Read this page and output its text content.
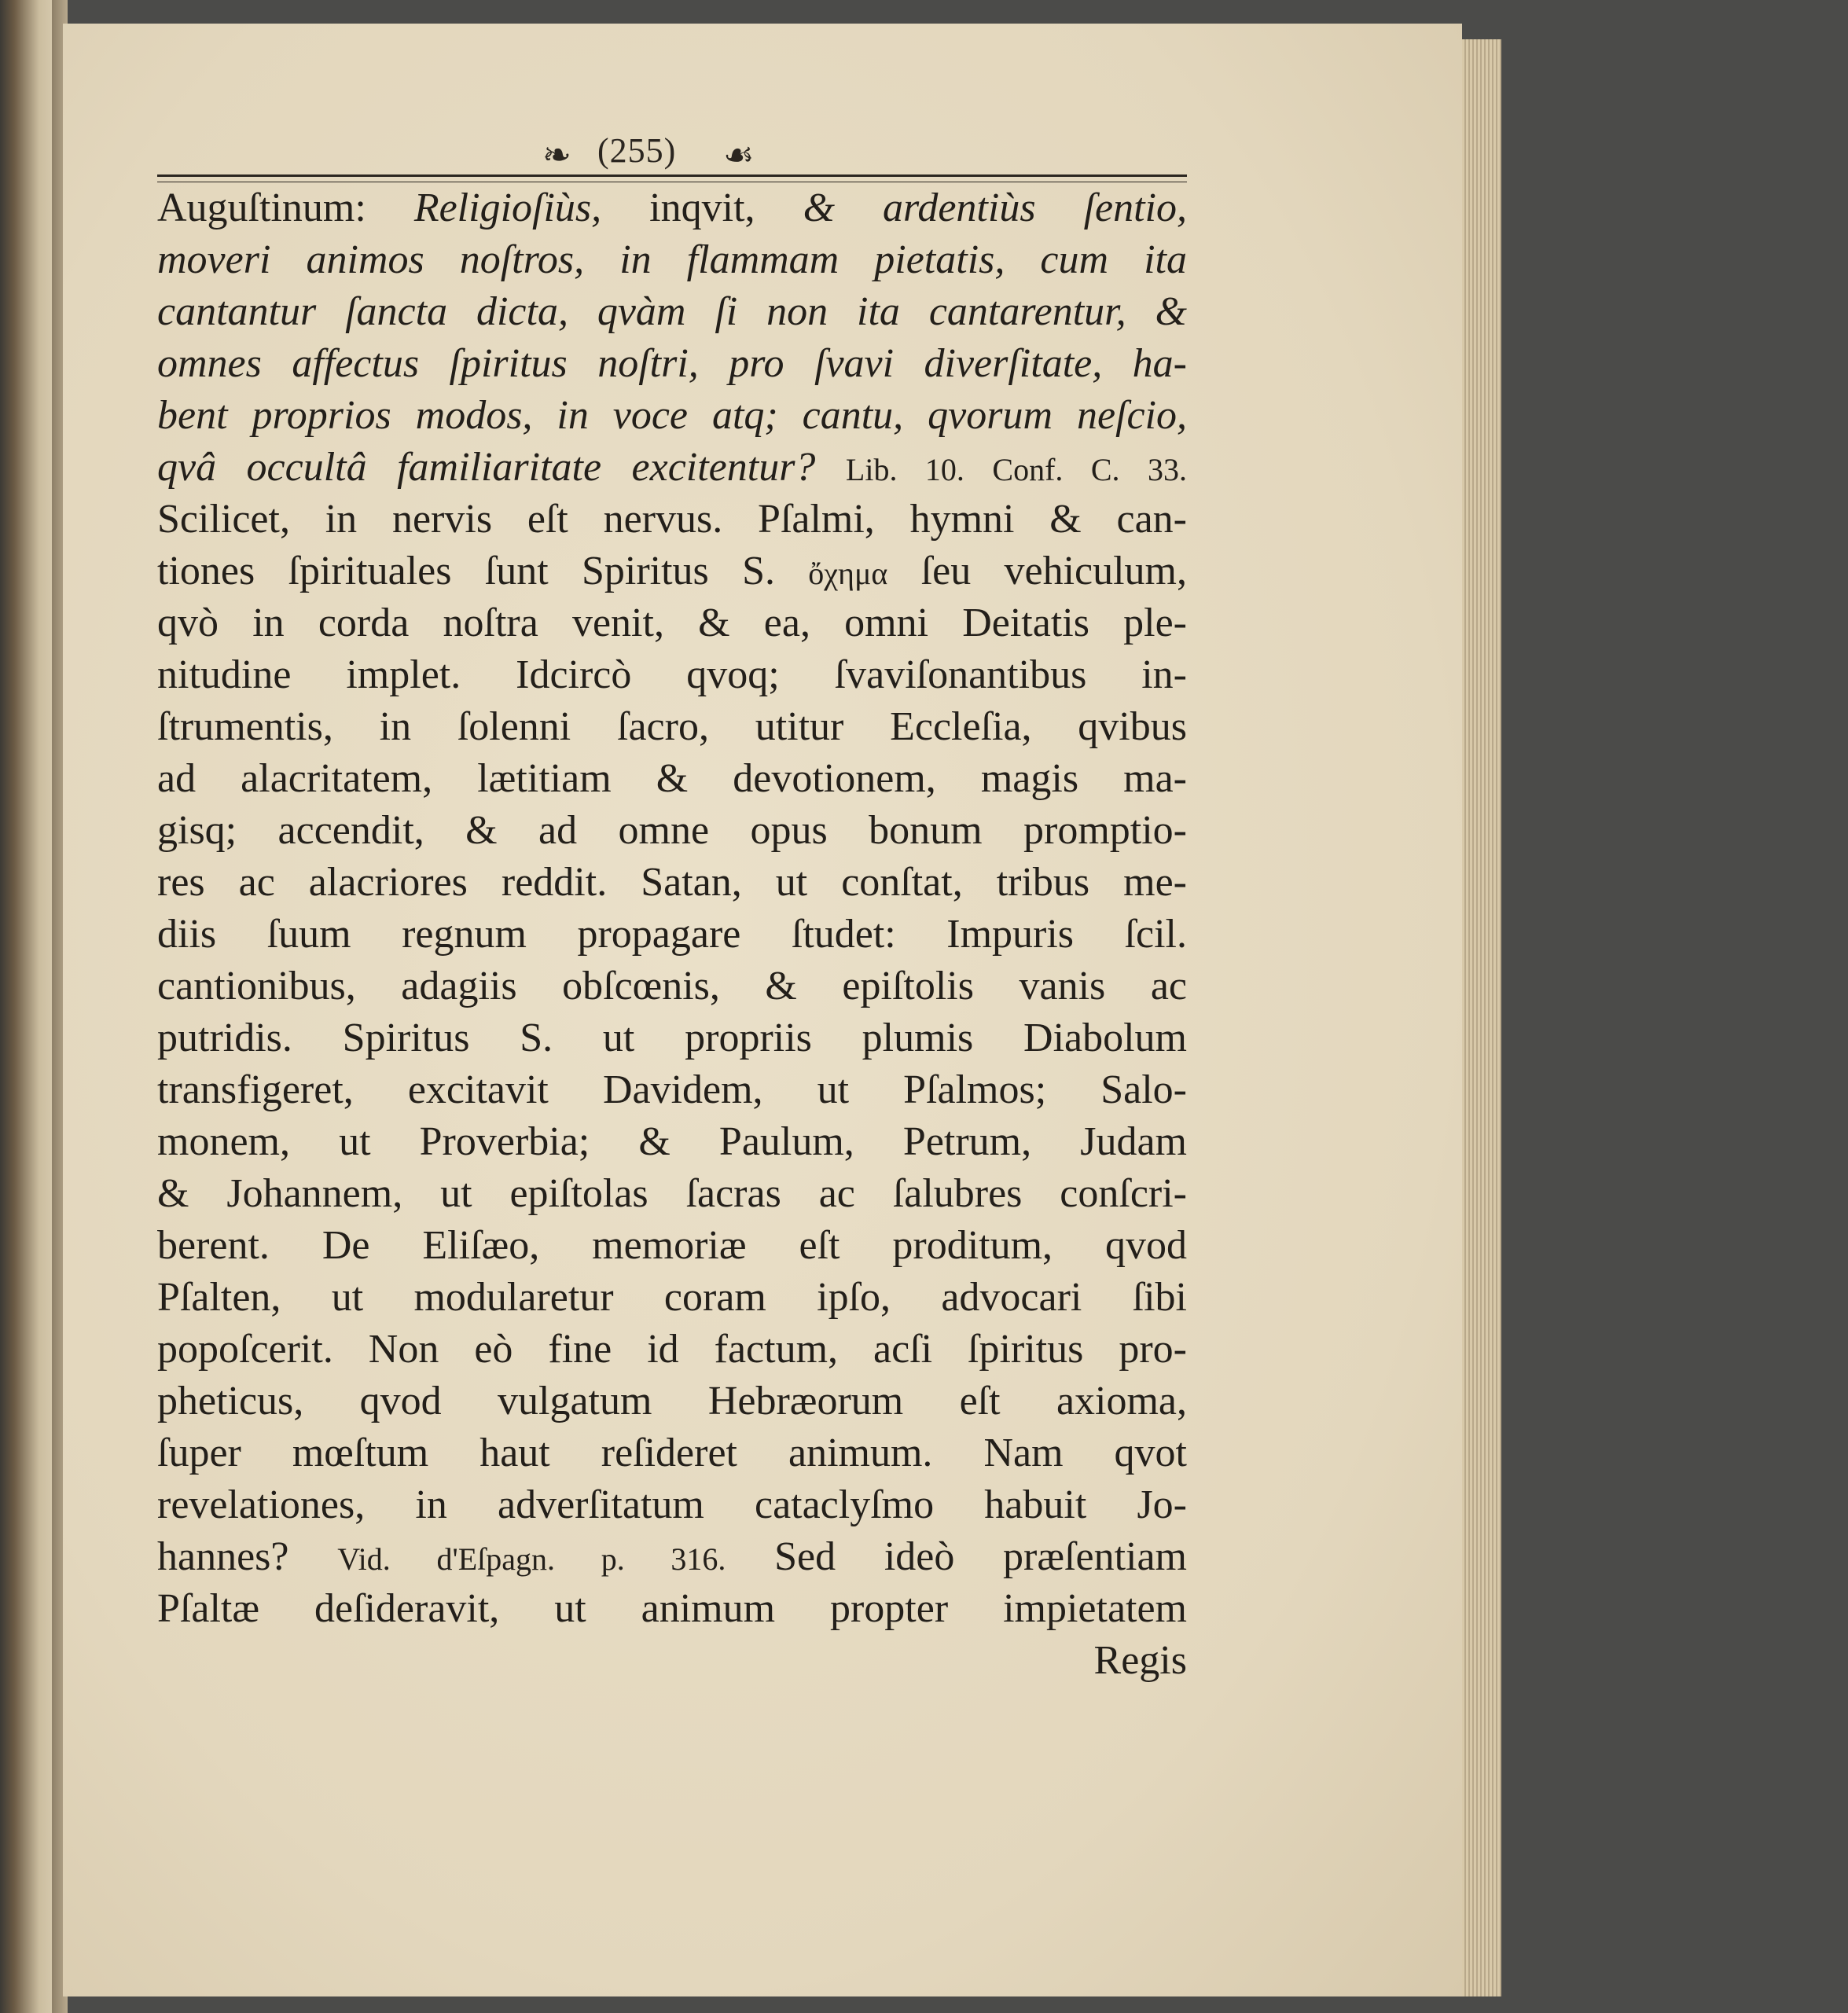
❧ (255) ☙
Auguſtinum: Religioſiùs, inqvit, & ardentiùs ſentio,
moveri animos noſtros, in flammam pietatis, cum ita
cantantur ſancta dicta, qvàm ſi non ita cantarentur, &
omnes affectus ſpiritus noſtri, pro ſvavi diverſitate, ha-
bent proprios modos, in voce atq; cantu, qvorum neſcio,
qvâ occultâ familiaritate excitentur? Lib. 10. Conf. C. 33.
Scilicet, in nervis eſt nervus. Pſalmi, hymni & can-
tiones ſpirituales ſunt Spiritus S. ὄχημα ſeu vehiculum,
qvò in corda noſtra venit, & ea, omni Deitatis ple-
nitudine implet. Idcircò qvoq; ſvaviſonantibus in-
ſtrumentis, in ſolenni ſacro, utitur Eccleſia, qvibus
ad alacritatem, lætitiam & devotionem, magis ma-
gisq; accendit, & ad omne opus bonum promptio-
res ac alacriores reddit. Satan, ut conſtat, tribus me-
diis ſuum regnum propagare ſtudet: Impuris ſcil.
cantionibus, adagiis obſcœnis, & epiſtolis vanis ac
putridis. Spiritus S. ut propriis plumis Diabolum
transfigeret, excitavit Davidem, ut Pſalmos; Salo-
monem, ut Proverbia; & Paulum, Petrum, Judam
& Johannem, ut epiſtolas ſacras ac ſalubres conſcri-
berent. De Eliſæo, memoriæ eſt proditum, qvod
Pſalten, ut modularetur coram ipſo, advocari ſibi
popoſcerit. Non eò fine id factum, acſi ſpiritus pro-
pheticus, qvod vulgatum Hebræorum eſt axioma,
ſuper mœſtum haut reſideret animum. Nam qvot
revelationes, in adverſitatum cataclyſmo habuit Jo-
hannes? Vid. d'Eſpagn. p. 316. Sed ideò præſentiam
Pſaltæ deſideravit, ut animum propter impietatem
Regis
